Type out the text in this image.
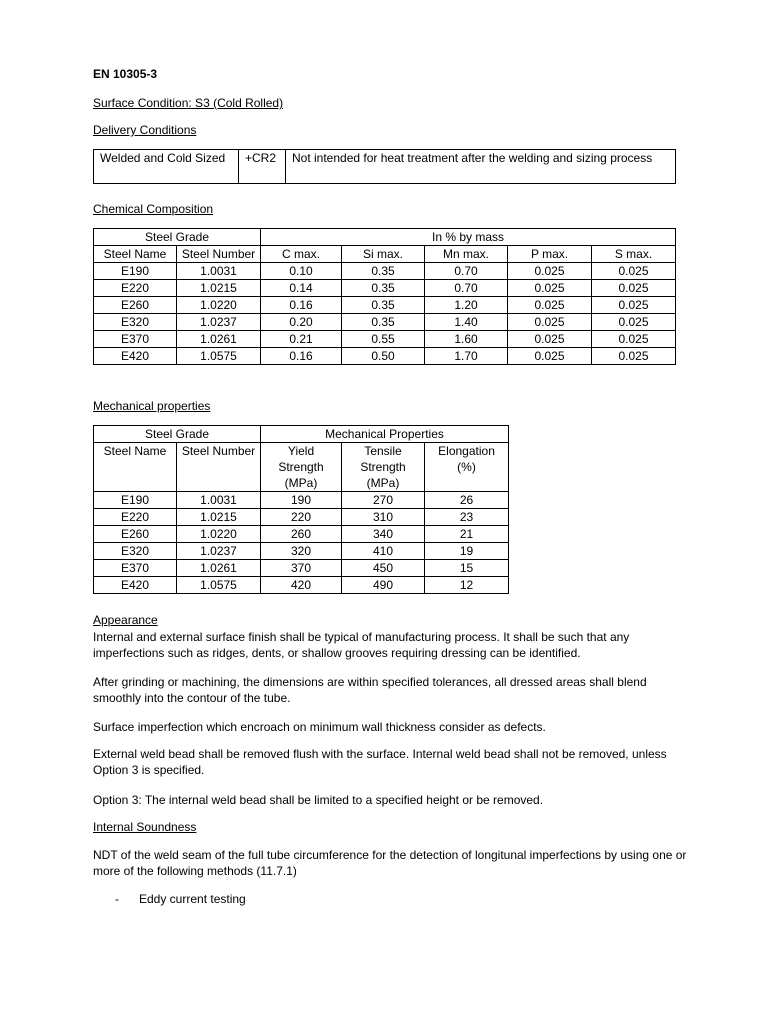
EN 10305-3
Surface Condition: S3 (Cold Rolled)
Delivery Conditions
Welded and Cold Sized	+CR2	Not intended for heat treatment after the welding and sizing process
Chemical Composition
Steel Grade		In % by mass				
Steel Name	Steel Number	C max.	Si max.	Mn max.	P max.	S max.
E190	1.0031	0.10	0.35	0.70	0.025	0.025
E220	1.0215	0.14	0.35	0.70	0.025	0.025
E260	1.0220	0.16	0.35	1.20	0.025	0.025
E320	1.0237	0.20	0.35	1.40	0.025	0.025
E370	1.0261	0.21	0.55	1.60	0.025	0.025
E420	1.0575	0.16	0.50	1.70	0.025	0.025
Mechanical properties
Steel Grade		Mechanical Properties		
Steel Name	Steel Number	Yield Strength (MPa)	Tensile Strength (MPa)	Elongation (%)
E190	1.0031	190	270	26
E220	1.0215	220	310	23
E260	1.0220	260	340	21
E320	1.0237	320	410	19
E370	1.0261	370	450	15
E420	1.0575	420	490	12
Appearance

Internal and external surface finish shall be typical of manufacturing process. It shall be such that any imperfections such as ridges, dents, or shallow grooves requiring dressing can be identified.

After grinding or machining, the dimensions are within specified tolerances, all dressed areas shall blend smoothly into the contour of the tube.

Surface imperfection which encroach on minimum wall thickness consider as defects.

External weld bead shall be removed flush with the surface. Internal weld bead shall not be removed, unless Option 3 is specified.

Option 3: The internal weld bead shall be limited to a specified height or be removed.

Internal Soundness

NDT of the weld seam of the full tube circumference for the detection of longitunal imperfections by using one or more of the following methods (11.7.1)

- Eddy current testing
